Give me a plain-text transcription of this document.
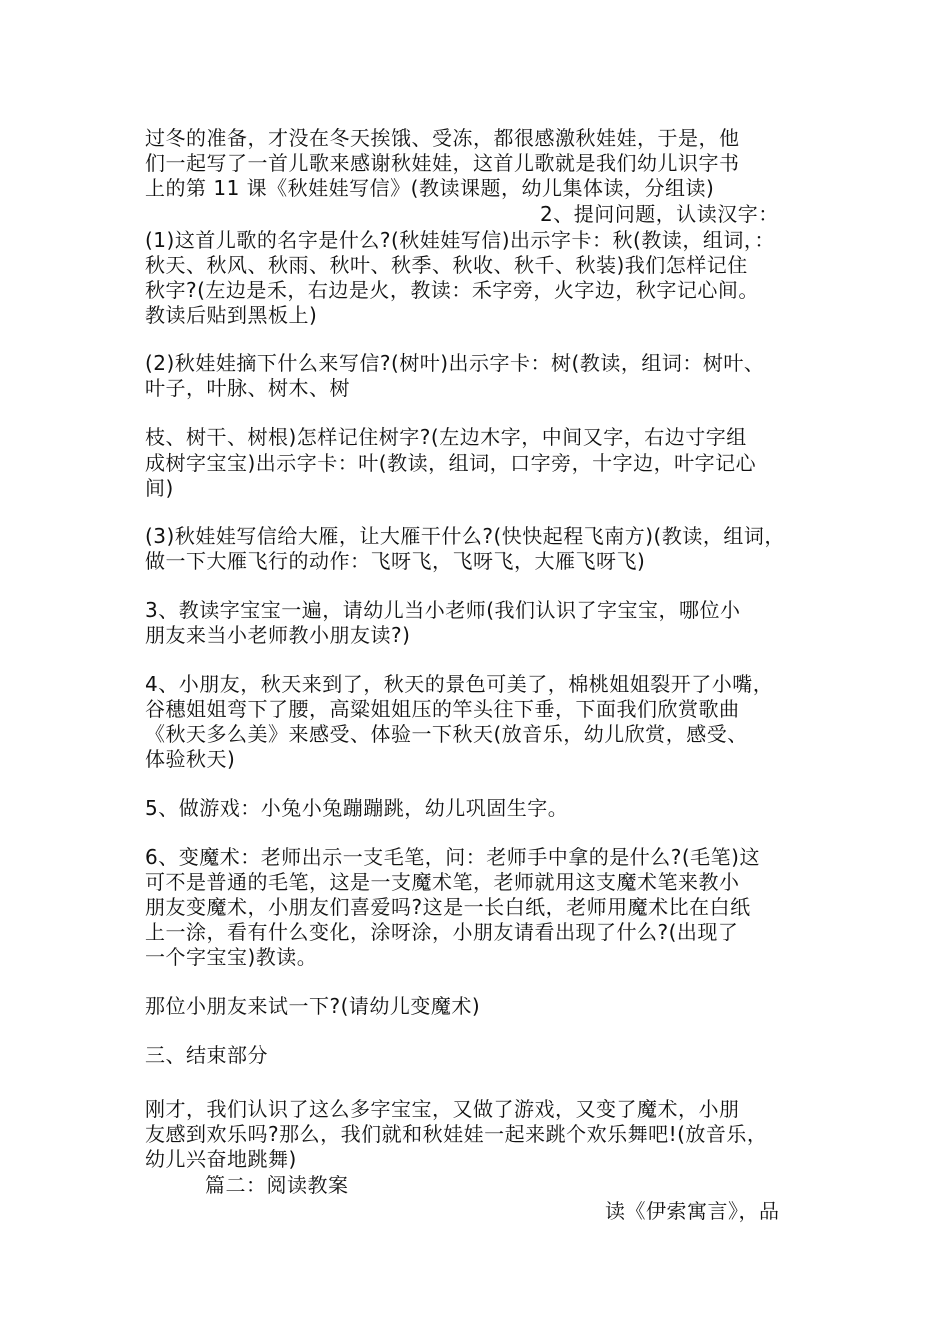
过冬的准备，才没在冬天挨饿、受冻，都很感激秋娃娃，于是，他
们一起写了一首儿歌来感谢秋娃娃，这首儿歌就是我们幼儿识字书
上的第 11 课《秋娃娃写信》(教读课题，幼儿集体读，分组读)
2、提问问题，认读汉字：
(1)这首儿歌的名字是什么?(秋娃娃写信)出示字卡：秋(教读，组词，：
秋天、秋风、秋雨、秋叶、秋季、秋收、秋千、秋装)我们怎样记住
秋字?(左边是禾，右边是火，教读：禾字旁，火字边，秋字记心间。
教读后贴到黑板上)
(2)秋娃娃摘下什么来写信?(树叶)出示字卡：树(教读，组词：树叶、
叶子，叶脉、树木、树
枝、树干、树根)怎样记住树字?(左边木字，中间又字，右边寸字组
成树字宝宝)出示字卡：叶(教读，组词，口字旁，十字边，叶字记心
间)
(3)秋娃娃写信给大雁，让大雁干什么?(快快起程飞南方)(教读，组词，
做一下大雁飞行的动作：飞呀飞，飞呀飞，大雁飞呀飞)
3、教读字宝宝一遍，请幼儿当小老师(我们认识了字宝宝，哪位小
朋友来当小老师教小朋友读?)
4、小朋友，秋天来到了，秋天的景色可美了，棉桃姐姐裂开了小嘴，
谷穗姐姐弯下了腰，高粱姐姐压的竿头往下垂，下面我们欣赏歌曲
《秋天多么美》来感受、体验一下秋天(放音乐，幼儿欣赏，感受、
体验秋天)
5、做游戏：小兔小兔蹦蹦跳，幼儿巩固生字。
6、变魔术：老师出示一支毛笔，问：老师手中拿的是什么?(毛笔)这
可不是普通的毛笔，这是一支魔术笔，老师就用这支魔术笔来教小
朋友变魔术，小朋友们喜爱吗?这是一长白纸，老师用魔术比在白纸
上一涂，看有什么变化，涂呀涂，小朋友请看出现了什么?(出现了
一个字宝宝)教读。
那位小朋友来试一下?(请幼儿变魔术)
三、结束部分
刚才，我们认识了这么多字宝宝，又做了游戏，又变了魔术，小朋
友感到欢乐吗?那么，我们就和秋娃娃一起来跳个欢乐舞吧!(放音乐，
幼儿兴奋地跳舞)
篇二：阅读教案
读《伊索寓言》，品
